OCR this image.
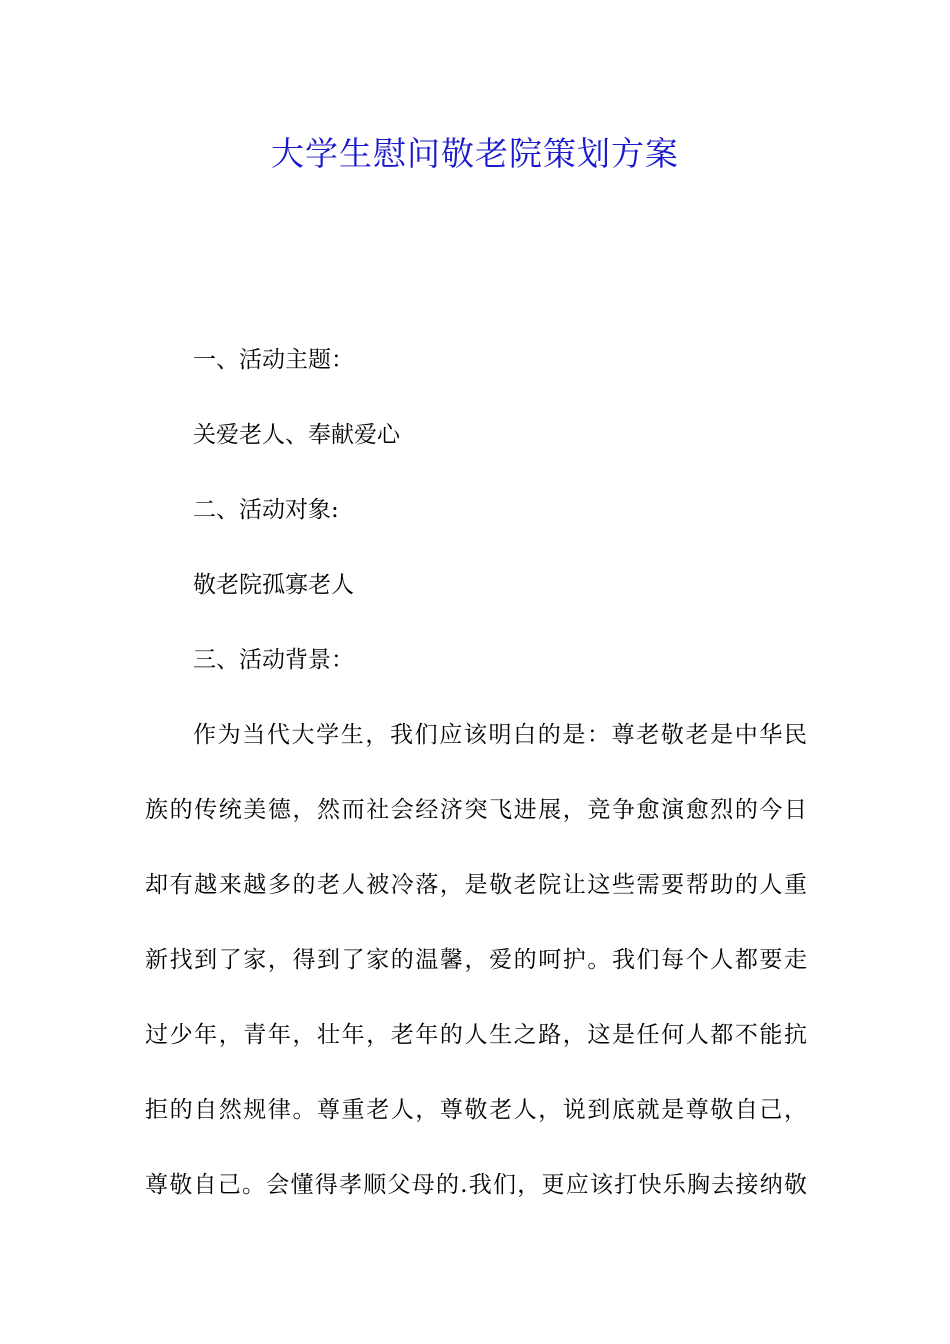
大学生慰问敬老院策划方案
一、活动主题：
关爱老人、奉献爱心
二、活动对象:
敬老院孤寡老人
三、活动背景：
作为当代大学生，我们应该明白的是：尊老敬老是中华民
族的传统美德，然而社会经济突飞进展，竞争愈演愈烈的今日
却有越来越多的老人被冷落，是敬老院让这些需要帮助的人重
新找到了家，得到了家的温馨，爱的呵护。我们每个人都要走
过少年，青年，壮年，老年的人生之路，这是任何人都不能抗
拒的自然规律。尊重老人，尊敬老人，说到底就是尊敬自己，
尊敬自己。会懂得孝顺父母的.我们，更应该打快乐胸去接纳敬
